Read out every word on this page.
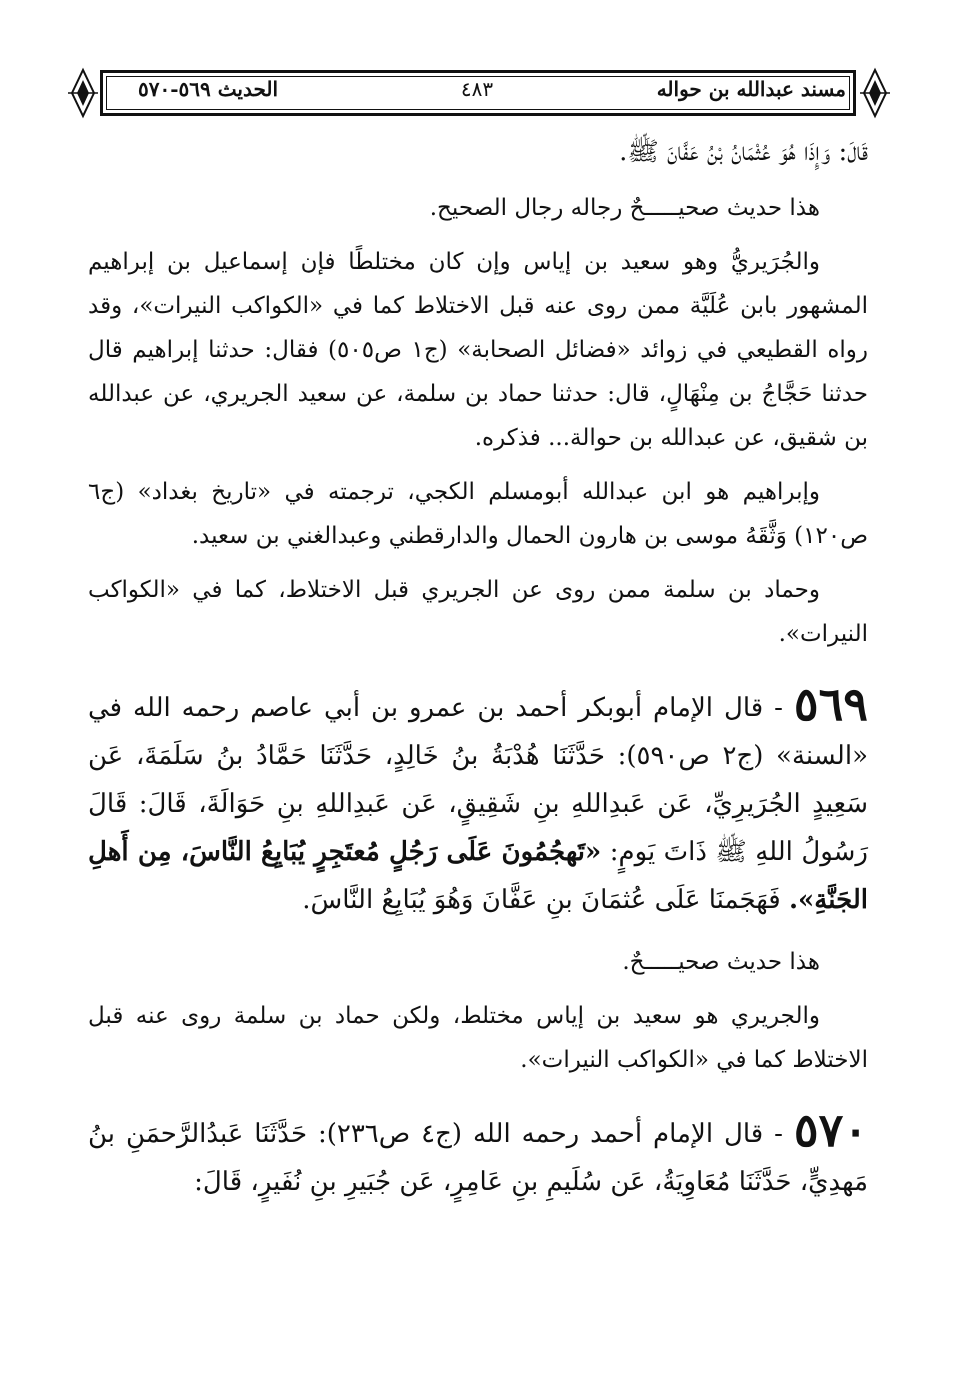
مسند عبدالله بن حواله
٤٨٣
الحديث ٥٦٩-٥٧٠

قَالَ: وَإِذَا هُوَ عُثْمَانُ بْنُ عَفَّانَ ﷺ.

هذا حديث صحيـــــحٌ رجاله رجال الصحيح.

والجُرَيريُّ وهو سعيد بن إياس وإن كان مختلطًا فإن إسماعيل بن إبراهيم المشهور بابن عُلَيَّة ممن روى عنه قبل الاختلاط كما في «الكواكب النيرات»، وقد رواه القطيعي في زوائد «فضائل الصحابة» (ج١ ص٥٠٥) فقال: حدثنا إبراهيم قال حدثنا حَجَّاجُ بن مِنْهَالٍ، قال: حدثنا حماد بن سلمة، عن سعيد الجريري، عن عبدالله بن شقيق، عن عبدالله بن حوالة... فذكره.

وإبراهيم هو ابن عبدالله أبومسلم الكجي، ترجمته في «تاريخ بغداد» (ج٦ ص١٢٠) وَثَّقَهُ موسى بن هارون الحمال والدارقطني وعبدالغني بن سعيد.

وحماد بن سلمة ممن روى عن الجريري قبل الاختلاط، كما في «الكواكب النيرات».

٥٦٩ - قال الإمام أبوبكر أحمد بن عمرو بن أبي عاصم رحمه الله في «السنة» (ج٢ ص٥٩٠): حَدَّثَنَا هُدْبَةُ بنُ خَالِدٍ، حَدَّثَنَا حَمَّادُ بنُ سَلَمَةَ، عَن سَعِيدٍ الجُرَيرِيِّ، عَن عَبدِاللهِ بنِ شَقِيقٍ، عَن عَبدِاللهِ بنِ حَوَالَةَ، قَالَ: قَالَ رَسُولُ اللهِ ﷺ ذَاتَ يَومٍ: «تَهجُمُونَ عَلَى رَجُلٍ مُعتَجِرٍ يُبَايِعُ النَّاسَ، مِن أَهلِ الجَنَّةِ». فَهَجَمنَا عَلَى عُثمَانَ بنِ عَفَّانَ وَهُوَ يُبَايِعُ النَّاسَ.

هذا حديث صحيـــــحٌ.

والجريري هو سعيد بن إياس مختلط، ولكن حماد بن سلمة روى عنه قبل الاختلاط كما في «الكواكب النيرات».

٥٧٠ - قال الإمام أحمد رحمه الله (ج٤ ص٢٣٦): حَدَّثَنَا عَبدُالرَّحمَنِ بنُ مَهدِيٍّ، حَدَّثَنَا مُعَاوِيَةُ، عَن سُلَيمِ بنِ عَامِرٍ، عَن جُبَيرِ بنِ نُفَيرٍ، قَالَ:
